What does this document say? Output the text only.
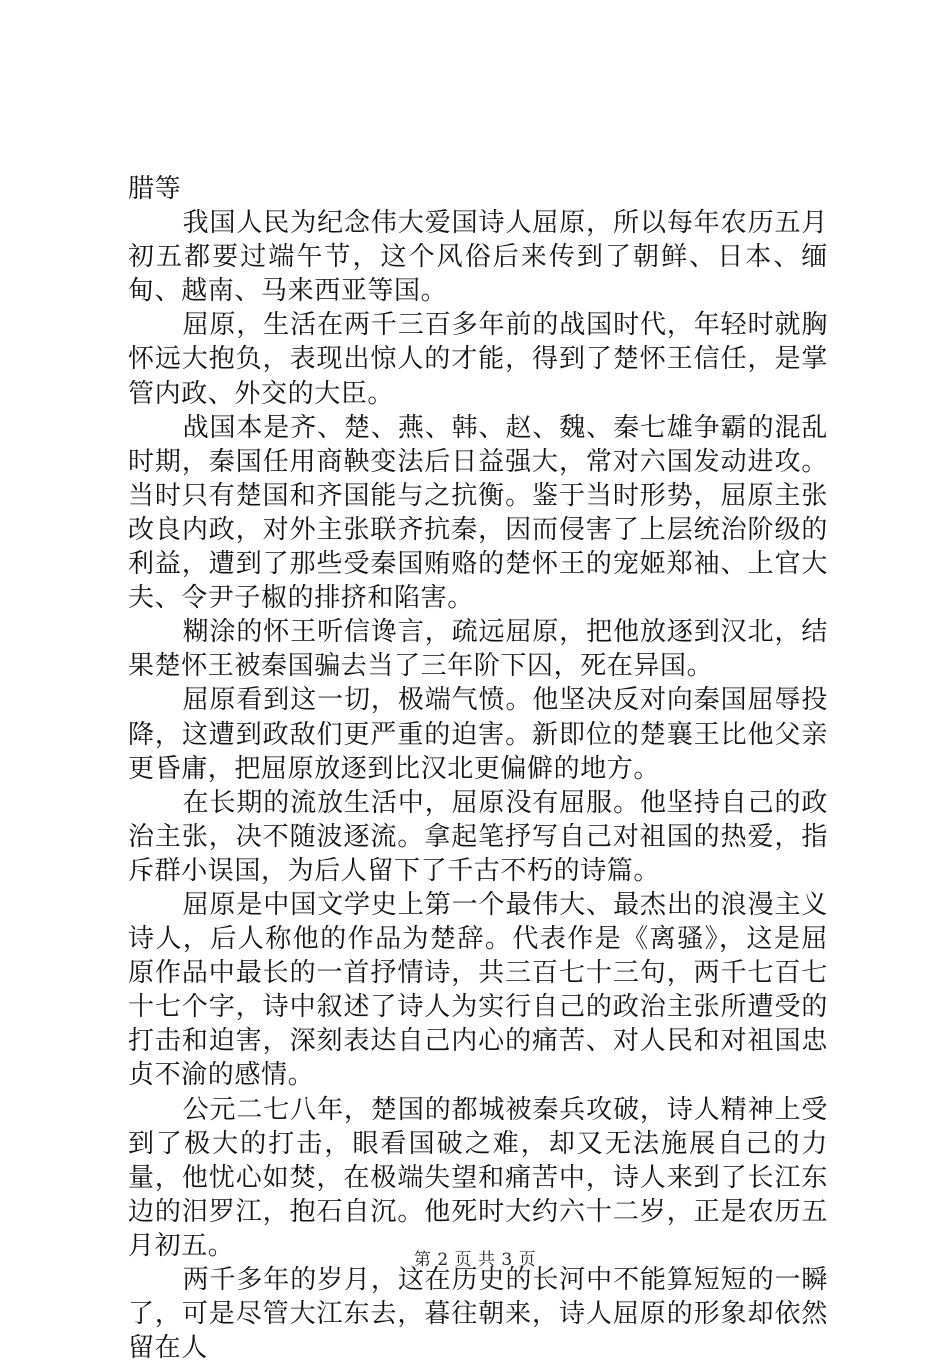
腊等

我国人民为纪念伟大爱国诗人屈原，所以每年农历五月初五都要过端午节，这个风俗后来传到了朝鲜、日本、缅甸、越南、马来西亚等国。

屈原，生活在两千三百多年前的战国时代，年轻时就胸怀远大抱负，表现出惊人的才能，得到了楚怀王信任，是掌管内政、外交的大臣。

战国本是齐、楚、燕、韩、赵、魏、秦七雄争霸的混乱时期，秦国任用商鞅变法后日益强大，常对六国发动进攻。当时只有楚国和齐国能与之抗衡。鉴于当时形势，屈原主张改良内政，对外主张联齐抗秦，因而侵害了上层统治阶级的利益，遭到了那些受秦国贿赂的楚怀王的宠姬郑袖、上官大夫、令尹子椒的排挤和陷害。

糊涂的怀王听信谗言，疏远屈原，把他放逐到汉北，结果楚怀王被秦国骗去当了三年阶下囚，死在异国。

屈原看到这一切，极端气愤。他坚决反对向秦国屈辱投降，这遭到政敌们更严重的迫害。新即位的楚襄王比他父亲更昏庸，把屈原放逐到比汉北更偏僻的地方。

在长期的流放生活中，屈原没有屈服。他坚持自己的政治主张，决不随波逐流。拿起笔抒写自己对祖国的热爱，指斥群小误国，为后人留下了千古不朽的诗篇。

屈原是中国文学史上第一个最伟大、最杰出的浪漫主义诗人，后人称他的作品为楚辞。代表作是《离骚》，这是屈原作品中最长的一首抒情诗，共三百七十三句，两千七百七十七个字，诗中叙述了诗人为实行自己的政治主张所遭受的打击和迫害，深刻表达自己内心的痛苦、对人民和对祖国忠贞不渝的感情。

公元二七八年，楚国的都城被秦兵攻破，诗人精神上受到了极大的打击，眼看国破之难，却又无法施展自己的力量，他忧心如焚，在极端失望和痛苦中，诗人来到了长江东边的汨罗江，抱石自沉。他死时大约六十二岁，正是农历五月初五。

两千多年的岁月，这在历史的长河中不能算短短的一瞬了，可是尽管大江东去，暮往朝来，诗人屈原的形象却依然留在人

第 2 页 共 3 页
